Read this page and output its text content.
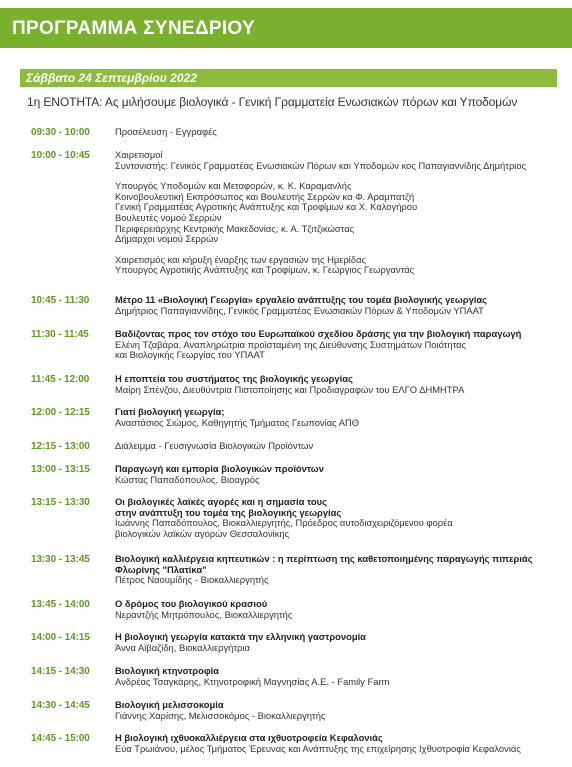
ΠΡΟΓΡΑΜΜΑ ΣΥΝΕΔΡΙΟΥ
Σάββατο 24 Σεπτεμβρίου 2022
1η ΕΝΟΤΗΤΑ: Ας μιλήσουμε βιολογικά - Γενική Γραμματεία Ενωσιακών πόρων και Υποδομών
09:30 - 10:00	Προσέλευση - Εγγραφές
10:00 - 10:45	Χαιρετισμοί
Συντονιστής: Γενικός Γραμματέας Ενωσιακών Πόρων και Υποδομών κος Παπαγιαννίδης Δημήτριος
Υπουργός Υποδομών και Μεταφορών, κ. Κ. Καραμανλής
Κοινοβουλευτική Εκπρόσωπος και Βουλευτής Σερρών κα Φ. Αραμπατζή
Γενική Γραμματέας Αγροτικής Ανάπτυξης και Τροφίμων κα Χ. Καλογήρου
Βουλευτές νομού Σερρών
Περιφερειάρχης Κεντρικής Μακεδονίας, κ. Α. Τζιτζικώστας
Δήμαρχοι νομού Σερρών
Χαιρετισμός και κήρυξη έναρξης των εργασιών της Ημερίδας
Υπουργός Αγροτικής Ανάπτυξης και Τροφίμων, κ. Γεώργιος Γεωργαντάς
10:45 - 11:30	Μέτρο 11 «Βιολογική Γεωργία» εργαλείο ανάπτυξης του τομέα βιολογικής γεωργίας
Δημήτριος Παπαγιαννίδης, Γενικός Γραμματέας Ενωσιακών Πόρων & Υποδομών ΥΠΑΑΤ
11:30 - 11:45	Βαδίζοντας προς τον στόχο του Ευρωπαϊκού σχεδίου δράσης για την βιολογική παραγωγή
Ελένη Τζαβάρα, Αναπληρώτρια προϊσταμένη της Διεύθυνσης Συστημάτων Ποιότητας
και Βιολογικής Γεωργίας του ΥΠΑΑΤ
11:45 - 12:00	Η εποπτεία του συστήματος της βιολογικής γεωργίας
Μαίρη Σπένζου, Διευθύντρια Πιστοποίησης και Προδιαγραφών του ΕΛΓΟ ΔΗΜΗΤΡΑ
12:00 - 12:15	Γιατί βιολογική γεωργία;
Αναστάσιος Σιώμος, Καθηγητής Τμήματος Γεωπονίας ΑΠΘ
12:15 - 13:00	Διάλειμμα - Γευσιγνωσία Βιολογικών Προϊόντων
13:00 - 13:15	Παραγωγή και εμπορία βιολογικών προϊόντων
Κώστας Παπαδόπουλος, Βιοαγρός
13:15 - 13:30	Οι βιολογικές λαϊκές αγορές και η σημασία τους
στην ανάπτυξη του τομέα της βιολογικής γεωργίας
Ιωάννης Παπαδόπουλος, Βιοκαλλιεργητής, Πρόεδρος αυτοδιαχειριζόμενου φορέα
βιολογικών λαϊκών αγορών Θεσσαλονίκης
13:30 - 13:45	Βιολογική καλλιέργεια κηπευτικών : η περίπτωση της καθετοποιημένης παραγωγής πιπεριάς
Φλωρίνης "Πλατίκα"
Πέτρος Ναουμίδης - Βιοκαλλιεργητής
13:45 - 14:00	Ο δρόμος του βιολογικού κρασιού
Νεραντζής Μητρόπουλος, Βιοκαλλιεργητής
14:00 - 14:15	Η βιολογική γεωργία κατακτά την ελληνική γαστρονομία
Άννα Αϊβαζίδη, Βιοκαλλιεργήτρια
14:15 - 14:30	Βιολογική κτηνοτροφία
Ανδρέας Τσαγκάρης, Κτηνοτροφική Μαγνησίας Α.Ε. - Family Farm
14:30 - 14:45	Βιολογική μελισσοκομία
Γιάννης Χαρίσης, Μελισσοκόμος - Βιοκαλλιεργητής
14:45 - 15:00	Η βιολογική ιχθυοκαλλιέργεια στα ιχθυοτροφεία Κεφαλονιάς
Εύα Τρωιάνου, μέλος Τμήματος Έρευνας και Ανάπτυξης της επιχείρησης Ιχθυοτροφία Κεφαλονιάς
